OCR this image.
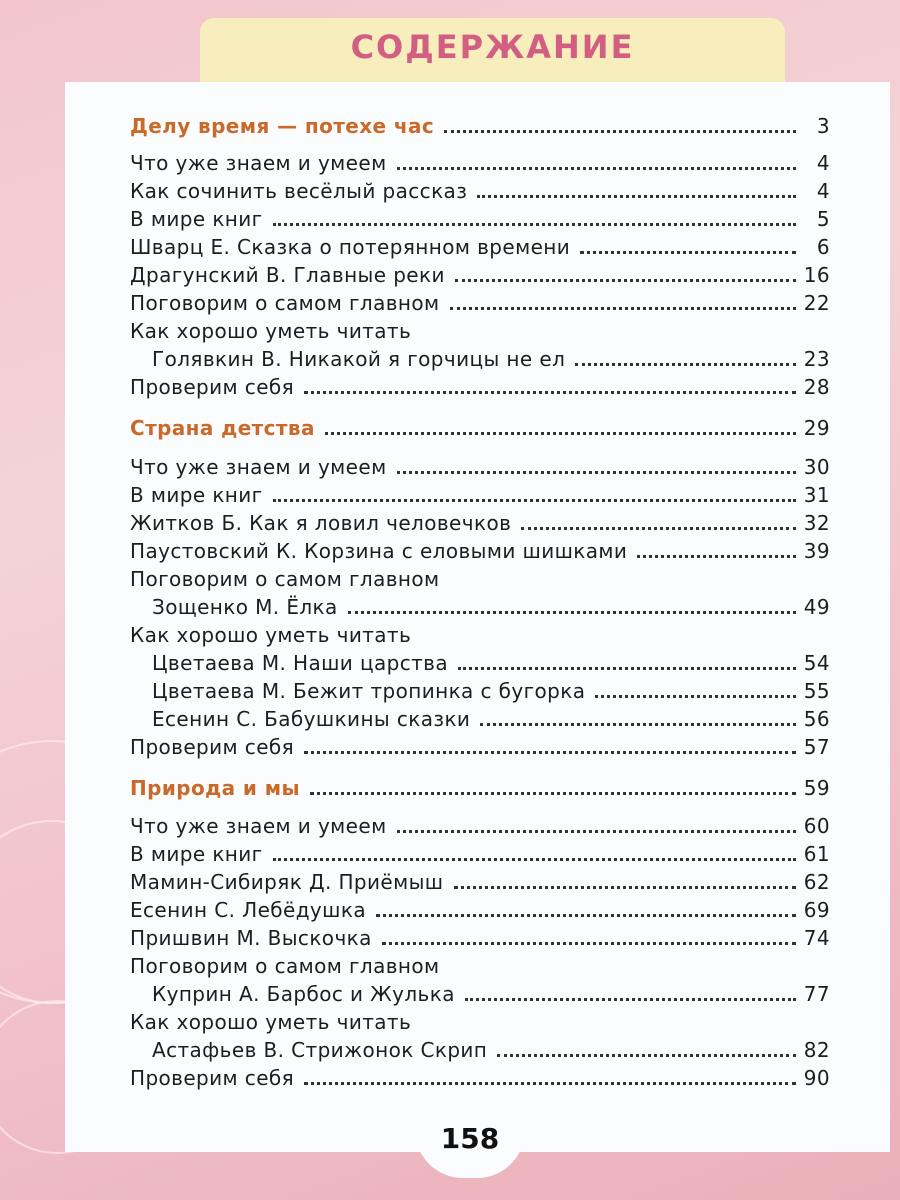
СОДЕРЖАНИЕ
Делу время — потехе час	3
Что уже знаем и умеем	4
Как сочинить весёлый рассказ	4
В мире книг	5
Шварц Е. Сказка о потерянном времени	6
Драгунский В. Главные реки	16
Поговорим о самом главном	22
Как хорошо уметь читать
Голявкин В. Никакой я горчицы не ел	23
Проверим себя	28
Страна детства	29
Что уже знаем и умеем	30
В мире книг	31
Житков Б. Как я ловил человечков	32
Паустовский К. Корзина с еловыми шишками	39
Поговорим о самом главном
Зощенко М. Ёлка	49
Как хорошо уметь читать
Цветаева М. Наши царства	54
Цветаева М. Бежит тропинка с бугорка	55
Есенин С. Бабушкины сказки	56
Проверим себя	57
Природа и мы	59
Что уже знаем и умеем	60
В мире книг	61
Мамин-Сибиряк Д. Приёмыш	62
Есенин С. Лебёдушка	69
Пришвин М. Выскочка	74
Поговорим о самом главном
Куприн А. Барбос и Жулька	77
Как хорошо уметь читать
Астафьев В. Стрижонок Скрип	82
Проверим себя	90
158
